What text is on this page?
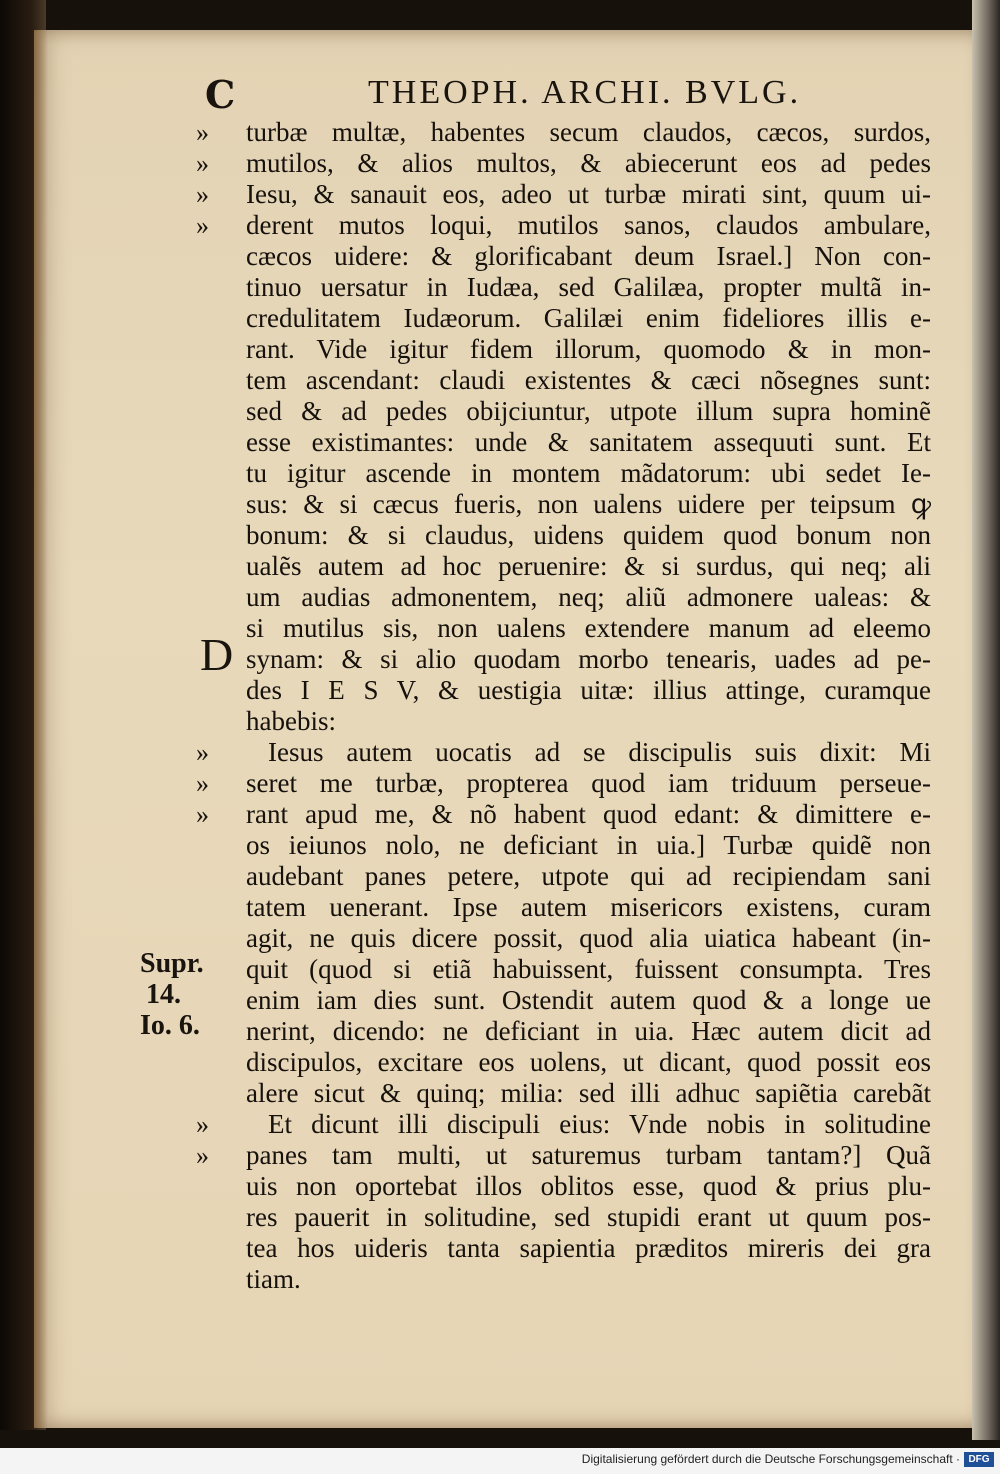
C	THEOPH. ARCHI. BVLG.
»
»
»
»
»
»
»
»
»
D
Supr.
14.
Io. 6.
turbæ multæ, habentes secum claudos, cæcos, surdos,
mutilos, & alios multos, & abiecerunt eos ad pedes
Iesu, & sanauit eos, adeo ut turbæ mirati sint, quum ui-
derent mutos loqui, mutilos sanos, claudos ambulare,
cæcos uidere: & glorificabant deum Israel.] Non con-
tinuo uersatur in Iudæa, sed Galilæa, propter multã in-
credulitatem Iudæorum. Galilæi enim fideliores illis e-
rant. Vide igitur fidem illorum, quomodo & in mon-
tem ascendant: claudi existentes & cæci nõsegnes sunt:
sed & ad pedes obijciuntur, utpote illum supra hominẽ
esse existimantes: unde & sanitatem assequuti sunt. Et
tu igitur ascende in montem mãdatorum: ubi sedet Ie-
sus: & si cæcus fueris, non ualens uidere per teipsum ꝙ
bonum: & si claudus, uidens quidem quod bonum non
ualẽs autem ad hoc peruenire: & si surdus, qui neq; ali
um audias admonentem, neq; aliũ admonere ualeas: &
si mutilus sis, non ualens extendere manum ad eleemo
synam: & si alio quodam morbo tenearis, uades ad pe-
des I E S V, & uestigia uitæ: illius attinge, curamque
habebis:
Iesus autem uocatis ad se discipulis suis dixit: Mi
seret me turbæ, propterea quod iam triduum perseue-
rant apud me, & nõ habent quod edant: & dimittere e-
os ieiunos nolo, ne deficiant in uia.] Turbæ quidẽ non
audebant panes petere, utpote qui ad recipiendam sani
tatem uenerant. Ipse autem misericors existens, curam
agit, ne quis dicere possit, quod alia uiatica habeant (in-
quit (quod si etiã habuissent, fuissent consumpta. Tres
enim iam dies sunt. Ostendit autem quod & a longe ue
nerint, dicendo: ne deficiant in uia. Hæc autem dicit ad
discipulos, excitare eos uolens, ut dicant, quod possit eos
alere sicut & quinq; milia: sed illi adhuc sapiẽtia carebãt
Et dicunt illi discipuli eius: Vnde nobis in solitudine
panes tam multi, ut saturemus turbam tantam?] Quã
uis non oportebat illos oblitos esse, quod & prius plu-
res pauerit in solitudine, sed stupidi erant ut quum pos-
tea hos uideris tanta sapientia præditos mireris dei gra
tiam.
Digitalisierung gefördert durch die Deutsche Forschungsgemeinschaft · DFG
